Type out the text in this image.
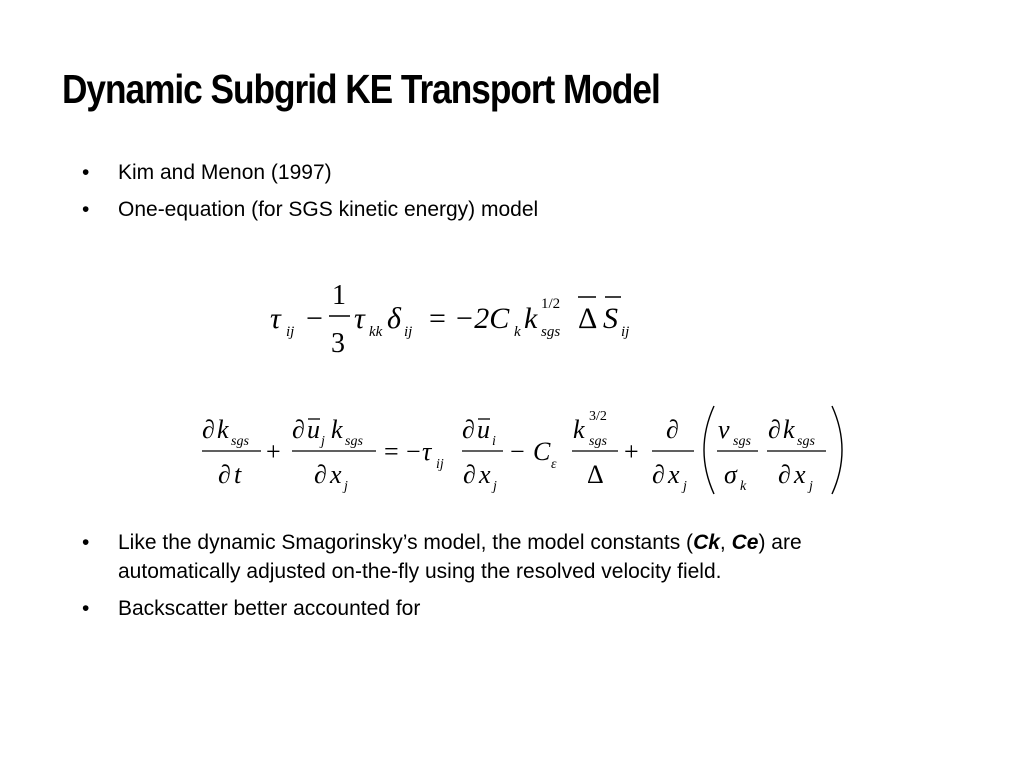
Dynamic Subgrid KE Transport Model
• Kim and Menon (1997)
• One-equation (for SGS kinetic energy) model
τ ij −
1
3
τ kk δ ij = −2C k k 1/2
sgs Δ S ij
∂ k sgs
∂ t
+
∂ u j k sgs
∂ x j
= − τ ij
∂ u i
∂ x j
− C ε
k 3/2
sgs
Δ
+
∂
∂ x j
ν sgs
σ k
∂ k sgs
∂ x j
• Like the dynamic Smagorinsky’s model, the model constants (Ck, Ce) are automatically adjusted on-the-fly using the resolved velocity field.
• Backscatter better accounted for
